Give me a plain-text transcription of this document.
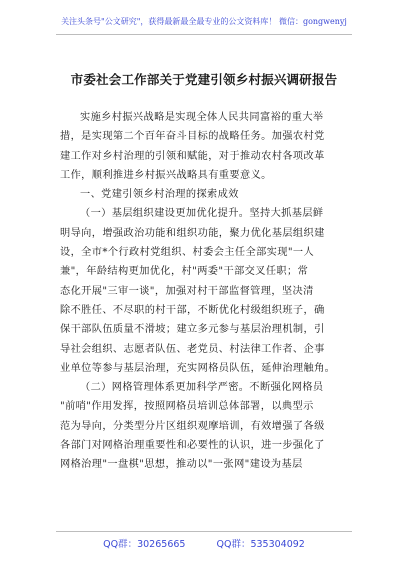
关注头条号"公文研究"，获得最新最全最专业的公文资料库！ 微信：gongwenyj
市委社会工作部关于党建引领乡村振兴调研报告
实施乡村振兴战略是实现全体人民共同富裕的重大举
措，是实现第二个百年奋斗目标的战略任务。加强农村党
建工作对乡村治理的引领和赋能，对于推动农村各项改革
工作，顺利推进乡村振兴战略具有重要意义。
一、党建引领乡村治理的探索成效
（一）基层组织建设更加优化提升。坚持大抓基层鲜
明导向，增强政治功能和组织功能，聚力优化基层组织建
设，全市*个行政村党组织、村委会主任全部实现"一人
兼"，年龄结构更加优化，村"两委"干部交叉任职；常
态化开展"三审一谈"，加强对村干部监督管理，坚决清
除不胜任、不尽职的村干部，不断优化村级组织班子，确
保干部队伍质量不滑坡；建立多元参与基层治理机制，引
导社会组织、志愿者队伍、老党员、村法律工作者、企事
业单位等参与基层治理，充实网格员队伍，延伸治理触角。
（二）网格管理体系更加科学严密。不断强化网格员
"前哨"作用发挥，按照网格员培训总体部署，以典型示
范为导向，分类型分片区组织观摩培训，有效增强了各级
各部门对网格治理重要性和必要性的认识，进一步强化了
网格治理"一盘棋"思想，推动以"一张网"建设为基层
QQ群：30265665	QQ群：535304092
